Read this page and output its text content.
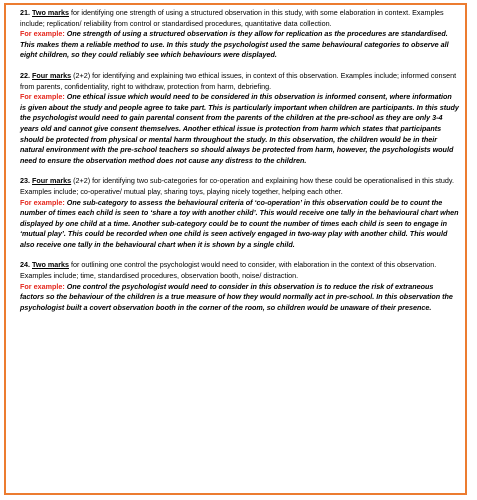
21. Two marks for identifying one strength of using a structured observation in this study, with some elaboration in context. Examples include; replication/ reliability from control or standardised procedures, quantitative data collection.

For example: One strength of using a structured observation is they allow for replication as the procedures are standardised. This makes them a reliable method to use. In this study the psychologist used the same behavioural categories to observe all eight children, so they could reliably see which behaviours were displayed.

22. Four marks (2+2) for identifying and explaining two ethical issues, in context of this observation. Examples include; informed consent from parents, confidentiality, right to withdraw, protection from harm, debriefing.

For example: One ethical issue which would need to be considered in this observation is informed consent, where information is given about the study and people agree to take part. This is particularly important when children are participants. In this study the psychologist would need to gain parental consent from the parents of the children at the pre-school as they are only 3-4 years old and cannot give consent themselves. Another ethical issue is protection from harm which states that participants should be protected from physical or mental harm throughout the study. In this observation, the children would be in their natural environment with the pre-school teachers so should always be protected from harm, however, the psychologists would need to ensure the observation method does not cause any distress to the children.

23. Four marks (2+2) for identifying two sub-categories for co-operation and explaining how these could be operationalised in this study. Examples include; co-operative/ mutual play, sharing toys, playing nicely together, helping each other.

For example: One sub-category to assess the behavioural criteria of ‘co-operation’ in this observation could be to count the number of times each child is seen to ‘share a toy with another child’. This would receive one tally in the behavioural chart when displayed by one child at a time. Another sub-category could be to count the number of times each child is seen to engage in ‘mutual play’. This could be recorded when one child is seen actively engaged in two-way play with another child. This would also receive one tally in the behavioural chart when it is shown by a single child.

24. Two marks for outlining one control the psychologist would need to consider, with elaboration in the context of this observation. Examples include; time, standardised procedures, observation booth, noise/ distraction.

For example: One control the psychologist would need to consider in this observation is to reduce the risk of extraneous factors so the behaviour of the children is a true measure of how they would normally act in pre-school. In this observation the psychologist built a covert observation booth in the corner of the room, so children would be unaware of their presence.
